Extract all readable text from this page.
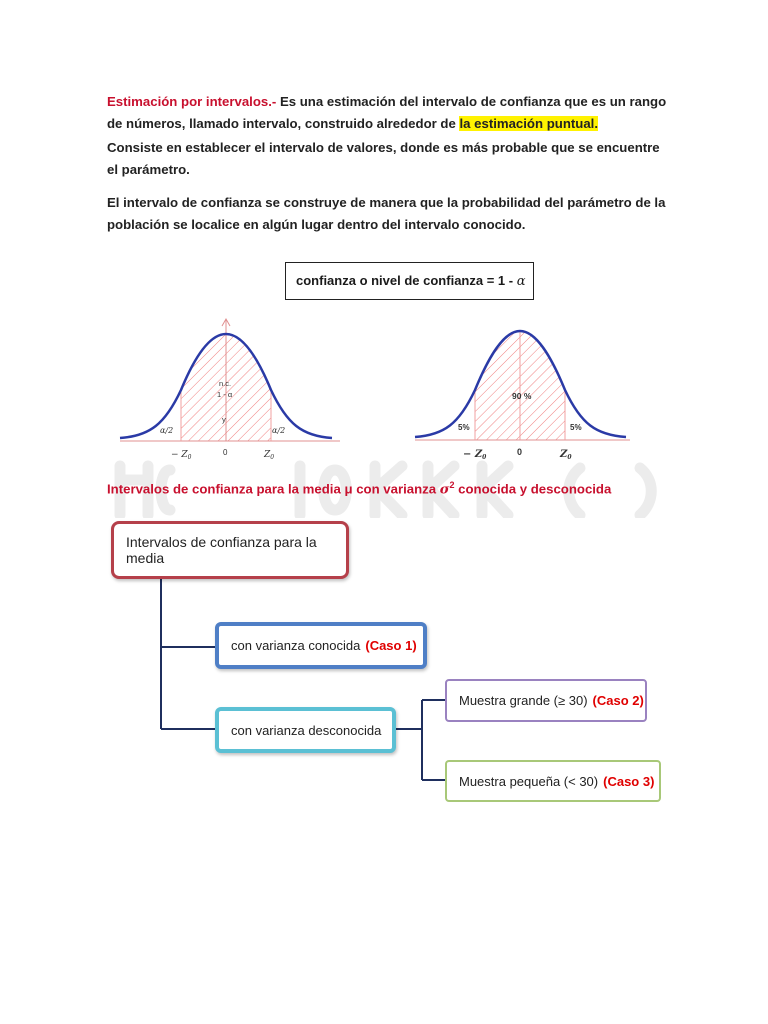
Estimación por intervalos.- Es una estimación del intervalo de confianza que es un rango de números, llamado intervalo, construido alrededor de la estimación puntual.
Consiste en establecer el intervalo de valores, donde es más probable que se encuentre el parámetro.
El intervalo de confianza se construye de manera que la probabilidad del parámetro de la población se localice en algún lugar dentro del intervalo conocido.
confianza o nivel de confianza = 1 - α
n.c.
1 - α
y
α/2	α/2
− $Z_0$
0	$Z_0$
90 %
5%	5%
− $Z_0$
0	$Z_0$
Intervalos de confianza para la media μ con varianza $\sigma^2$ conocida y desconocida
Intervalos de confianza para la media
con varianza conocida (Caso 1)
con varianza desconocida
Muestra grande (≥ 30) (Caso 2)
Muestra pequeña (< 30) (Caso 3)
